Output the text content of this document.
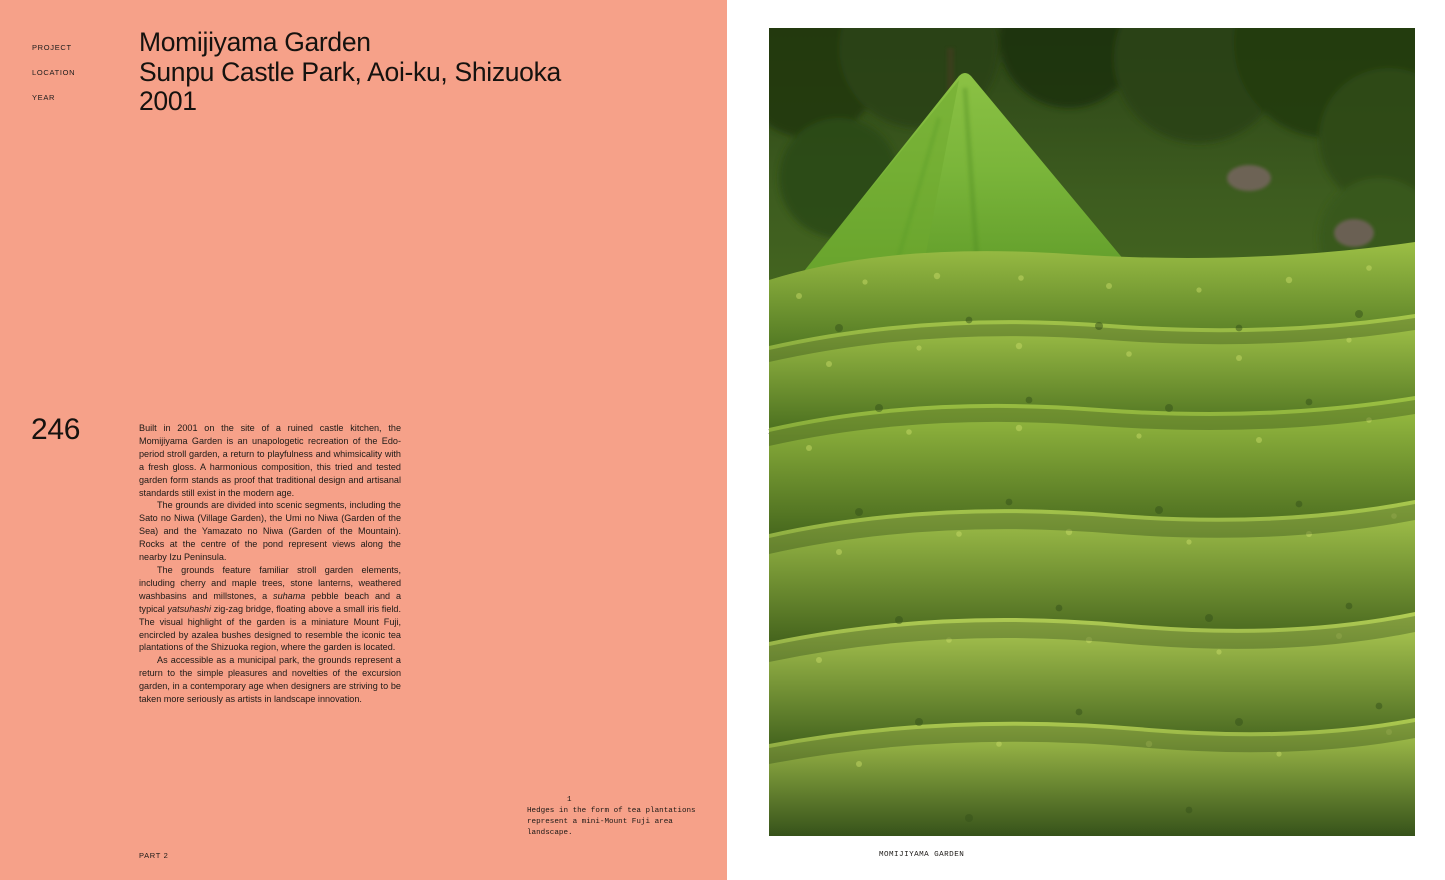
PROJECT
LOCATION
YEAR
Momijiyama Garden
Sunpu Castle Park, Aoi-ku, Shizuoka
2001
246	Built in 2001 on the site of a ruined castle kitchen, the Momijiyama Garden is an unapologetic recreation of the Edo-period stroll garden, a return to playfulness and whimsicality with a fresh gloss. A harmonious composition, this tried and tested garden form stands as proof that traditional design and artisanal standards still exist in the modern age.

The grounds are divided into scenic segments, including the Sato no Niwa (Village Garden), the Umi no Niwa (Garden of the Sea) and the Yamazato no Niwa (Garden of the Mountain). Rocks at the centre of the pond represent views along the nearby Izu Peninsula.

The grounds feature familiar stroll garden elements, including cherry and maple trees, stone lanterns, weathered washbasins and millstones, a suhama pebble beach and a typical yatsuhashi zig-zag bridge, floating above a small iris field. The visual highlight of the garden is a miniature Mount Fuji, encircled by azalea bushes designed to resemble the iconic tea plantations of the Shizuoka region, where the garden is located.

As accessible as a municipal park, the grounds represent a return to the simple pleasures and novelties of the excursion garden, in a contemporary age when designers are striving to be taken more seriously as artists in landscape innovation.

1
Hedges in the form of tea plantations represent a mini-Mount Fuji area landscape.
PART 2	MOMIJIYAMA GARDEN
